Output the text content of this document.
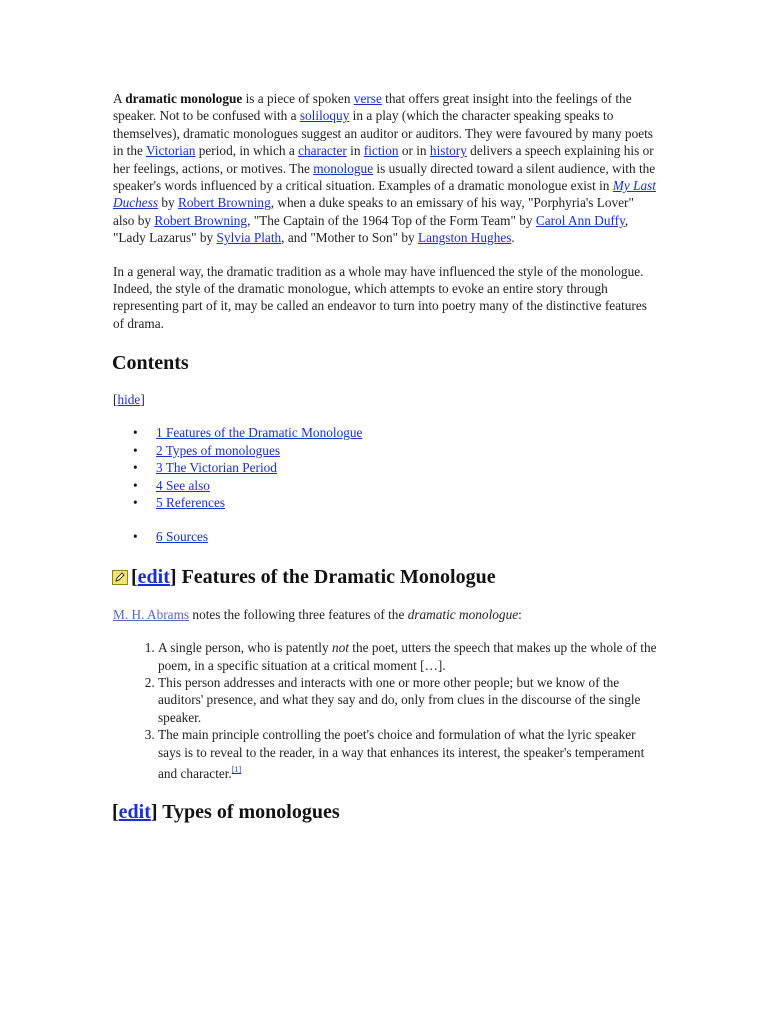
A dramatic monologue is a piece of spoken verse that offers great insight into the feelings of the speaker. Not to be confused with a soliloquy in a play (which the character speaking speaks to themselves), dramatic monologues suggest an auditor or auditors. They were favoured by many poets in the Victorian period, in which a character in fiction or in history delivers a speech explaining his or her feelings, actions, or motives. The monologue is usually directed toward a silent audience, with the speaker's words influenced by a critical situation. Examples of a dramatic monologue exist in My Last Duchess by Robert Browning, when a duke speaks to an emissary of his way, "Porphyria's Lover" also by Robert Browning, "The Captain of the 1964 Top of the Form Team" by Carol Ann Duffy, "Lady Lazarus" by Sylvia Plath, and "Mother to Son" by Langston Hughes.

In a general way, the dramatic tradition as a whole may have influenced the style of the monologue. Indeed, the style of the dramatic monologue, which attempts to evoke an entire story through representing part of it, may be called an endeavor to turn into poetry many of the distinctive features of drama.

Contents
[hide]
• 1 Features of the Dramatic Monologue
• 2 Types of monologues
• 3 The Victorian Period
• 4 See also
• 5 References
• 6 Sources
[ edit ] Features of the Dramatic Monologue

M. H. Abrams notes the following three features of the dramatic monologue:

1. A single person, who is patently not the poet, utters the speech that makes up the whole of the poem, in a specific situation at a critical moment […].
2. This person addresses and interacts with one or more other people; but we know of the auditors' presence, and what they say and do, only from clues in the discourse of the single speaker.
3. The main principle controlling the poet's choice and formulation of what the lyric speaker says is to reveal to the reader, in a way that enhances its interest, the speaker's temperament and character.[1]
[ edit ] Types of monologues
